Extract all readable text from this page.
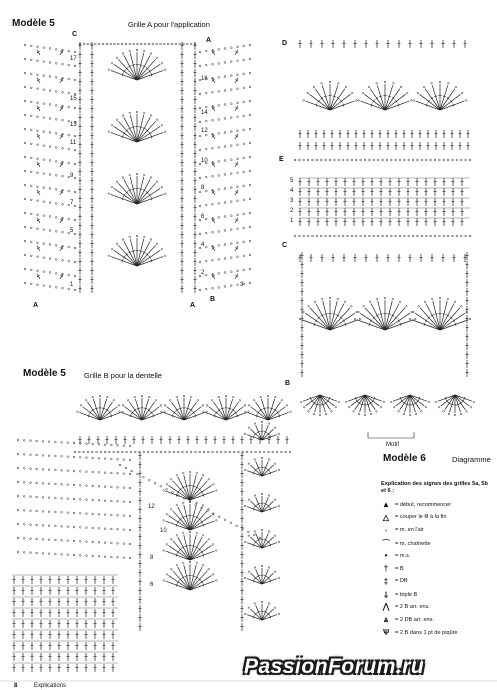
Modèle 5	Grille A pour l'application
Modèle 5 Grille B pour la dentelle
Modèle 6	Diagramme
C
A
A	A
B
D
E
C
B
Motif
17
16
15
14
13
12
11
10
9
8
7
6
5
4
3
2
1
5
4
3
2
1
12
10
8
6
Explication des signes des grilles 5a, 5b et 6 :
▲ = début, recommencer
△	= couper le fil à la fin
◦	= m. en l'air
⌒ = m. chaînette
•	= m.s.
†	= B
‡	= DB
⸸	= triple B
⋀	= 2 B arr. ens.
⩓	= 2 DB arr. ens.
Ѱ	= 2 B dans 1 pt de piqûre
8	Explications
PassionForum.ru
